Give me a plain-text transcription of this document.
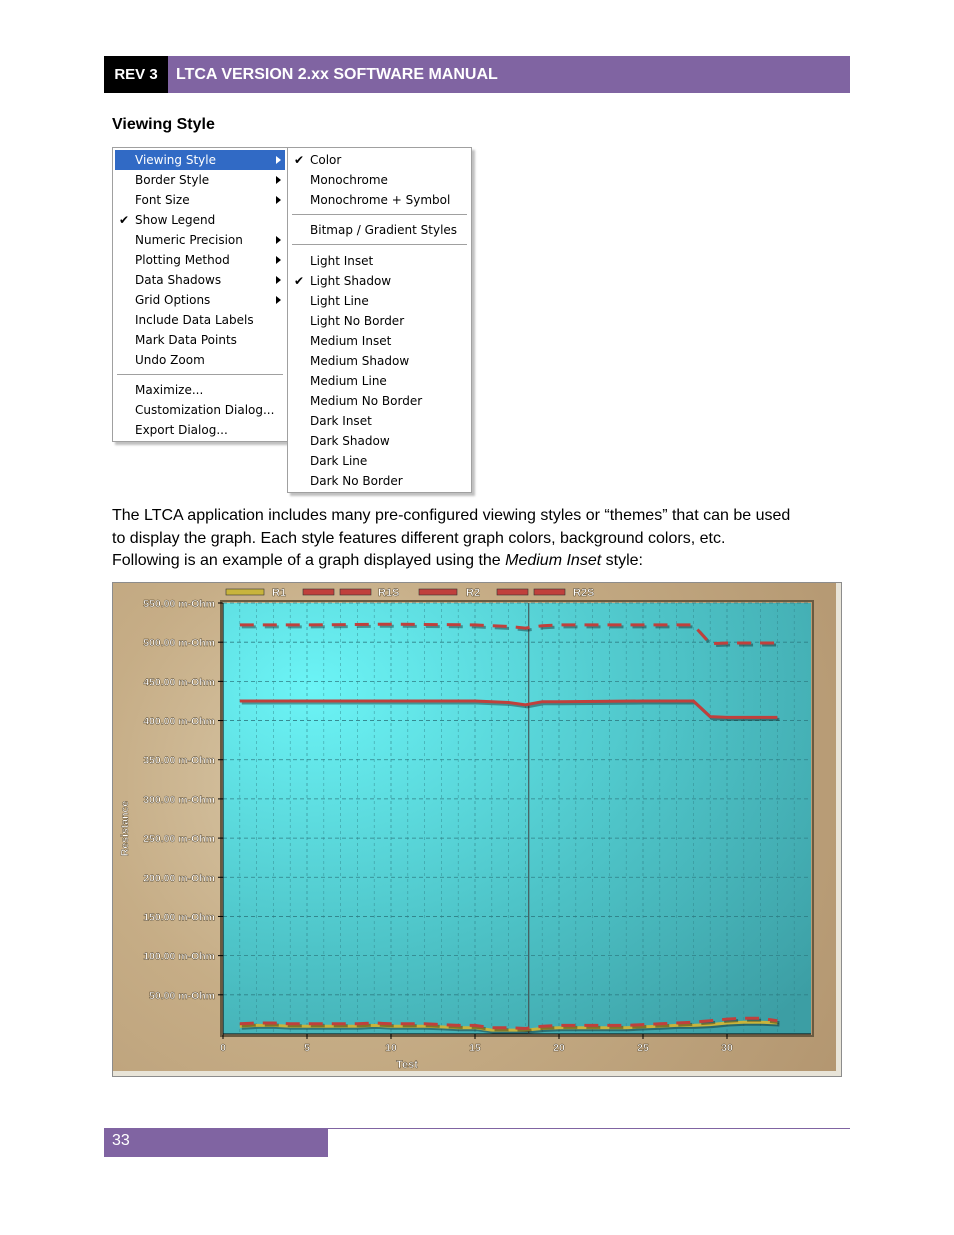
REV 3	LTCA VERSION 2.xx SOFTWARE MANUAL
Viewing Style
Viewing Style
Border Style
Font Size
✔ Show Legend
Numeric Precision
Plotting Method
Data Shadows
Grid Options
Include Data Labels
Mark Data Points
Undo Zoom
Maximize...
Customization Dialog...
Export Dialog...
✔ Color
Monochrome
Monochrome + Symbol
Bitmap / Gradient Styles
Light Inset
✔ Light Shadow
Light Line
Light No Border
Medium Inset
Medium Shadow
Medium Line
Medium No Border
Dark Inset
Dark Shadow
Dark Line
Dark No Border
The LTCA application includes many pre-configured viewing styles or “themes” that can be used
to display the graph. Each style features different graph colors, background colors, etc.
Following is an example of a graph displayed using the Medium Inset style:
50.00 m-Ohm
100.00 m-Ohm
150.00 m-Ohm
200.00 m-Ohm
250.00 m-Ohm
300.00 m-Ohm
350.00 m-Ohm
400.00 m-Ohm
450.00 m-Ohm
500.00 m-Ohm
550.00 m-Ohm
0	5	10	15	20	25	30
Test
Resistance
R1	R1S	R2	R2S
33
